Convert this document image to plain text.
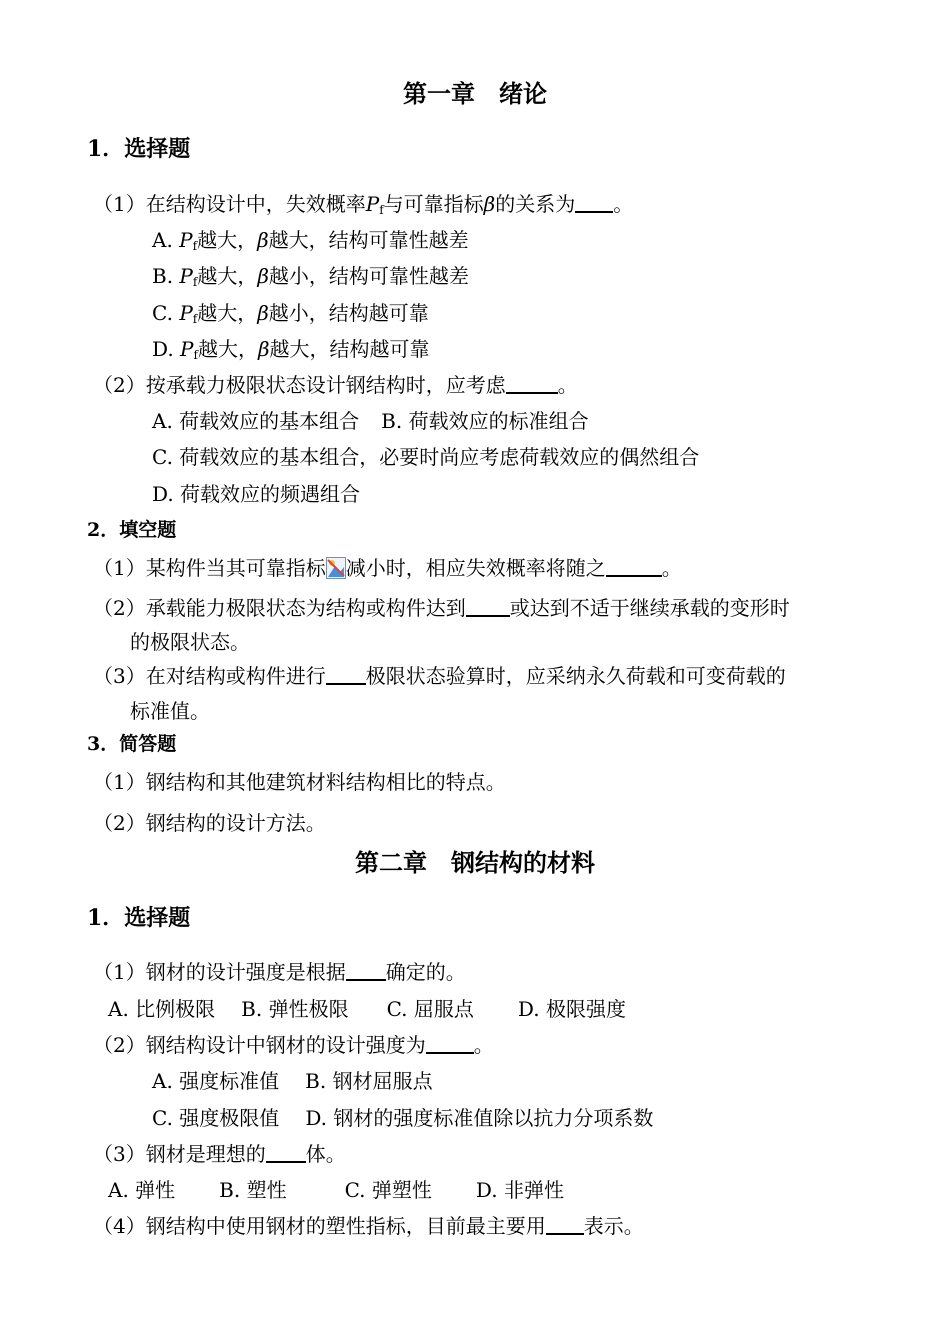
第一章　绪论
1．选择题
（1）在结构设计中，失效概率$P_f$与可靠指标β的关系为 。
A. $P_f$越大，β越大，结构可靠性越差
B. $P_f$越大，β越小，结构可靠性越差
C. $P_f$越大，β越小，结构越可靠
D. $P_f$越大，β越大，结构越可靠
（2）按承载力极限状态设计钢结构时，应考虑	。
A. 荷载效应的基本组合 B. 荷载效应的标准组合
C. 荷载效应的基本组合，必要时尚应考虑荷载效应的偶然组合
D. 荷载效应的频遇组合
2．填空题
（1）某构件当其可靠指标 减小时，相应失效概率将随之	。
（2）承载能力极限状态为结构或构件达到 或达到不适于继续承载的变形时
的极限状态。
（3）在对结构或构件进行 极限状态验算时，应采纳永久荷载和可变荷载的
标准值。
3．简答题
（1）钢结构和其他建筑材料结构相比的特点。
（2）钢结构的设计方法。
第二章　钢结构的材料
1．选择题
（1）钢材的设计强度是根据 确定的。
A. 比例极限 B. 弹性极限 C. 屈服点 D. 极限强度
（2）钢结构设计中钢材的设计强度为 。
A. 强度标准值 B. 钢材屈服点
C. 强度极限值 D. 钢材的强度标准值除以抗力分项系数
（3）钢材是理想的 体。
A. 弹性 B. 塑性	C. 弹塑性 D. 非弹性
（4）钢结构中使用钢材的塑性指标，目前最主要用 表示。
